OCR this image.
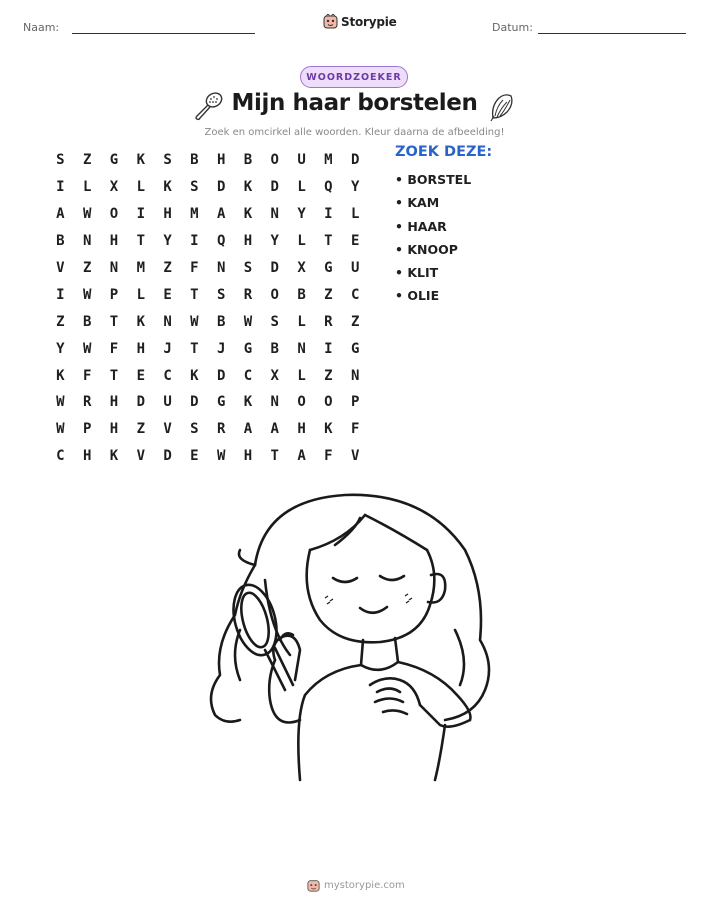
Naam:	Storypie	Datum:
WOORDZOEKER
Mijn haar borstelen

Zoek en omcirkel alle woorden. Kleur daarna de afbeelding!

S	Z	G	K	S	B	H	B	O	U	M	D
I	L	X	L	K	S	D	K	D	L	Q	Y
A	W	O	I	H	M	A	K	N	Y	I	L
B	N	H	T	Y	I	Q	H	Y	L	T	E
V	Z	N	M	Z	F	N	S	D	X	G	U
I	W	P	L	E	T	S	R	O	B	Z	C
Z	B	T	K	N	W	B	W	S	L	R	Z
Y	W	F	H	J	T	J	G	B	N	I	G
K	F	T	E	C	K	D	C	X	L	Z	N
W	R	H	D	U	D	G	K	N	O	O	P
W	P	H	Z	V	S	R	A	A	H	K	F
C	H	K	V	D	E	W	H	T	A	F	V
ZOEK DEZE:
• BORSTEL
• KAM
• HAAR
• KNOOP
• KLIT
• OLIE
mystorypie.com
